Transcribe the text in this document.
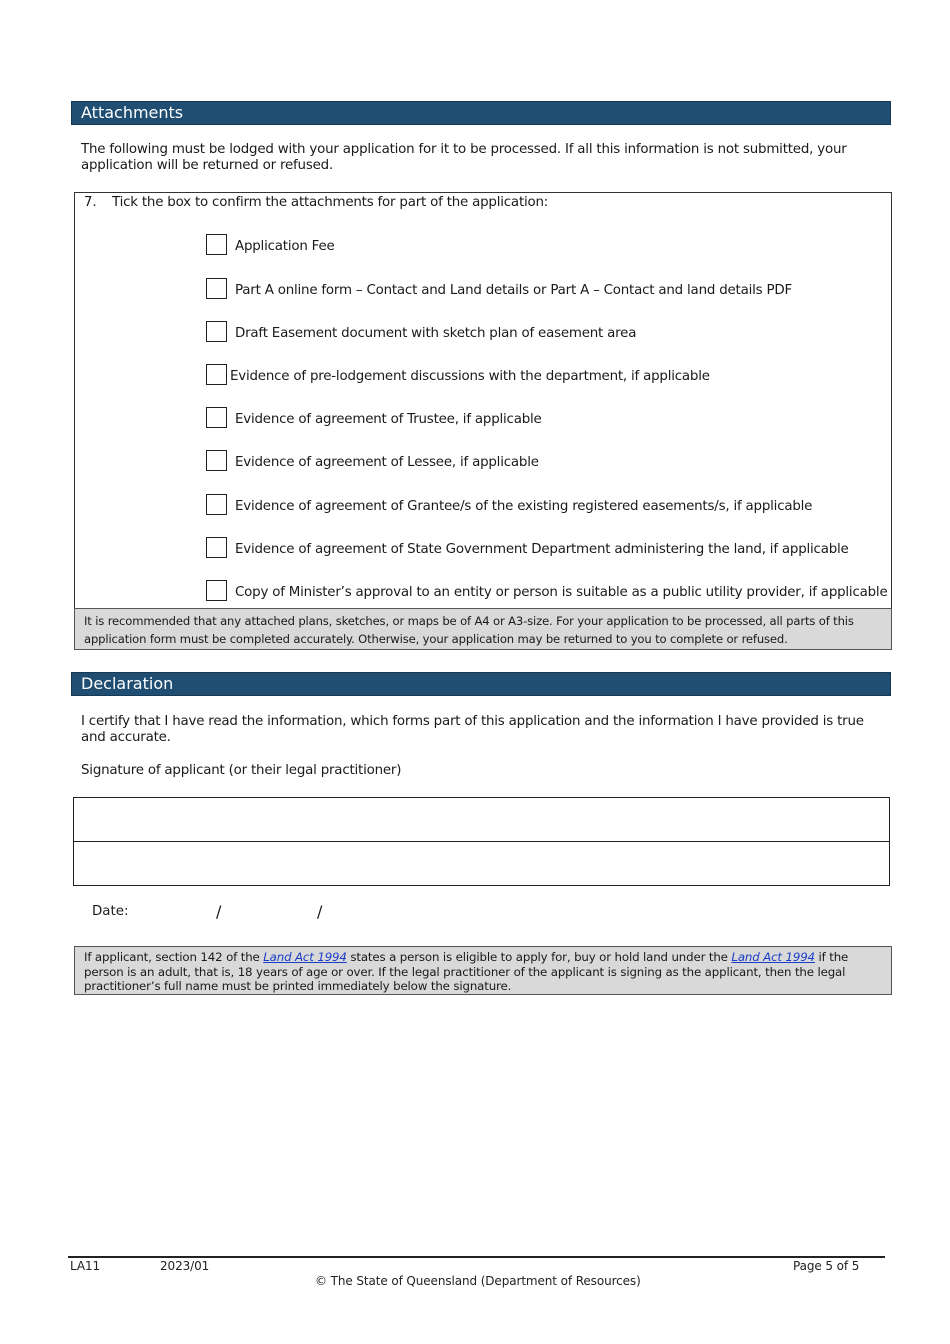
Attachments
The following must be lodged with your application for it to be processed. If all this information is not submitted, your application will be returned or refused.
7. Tick the box to confirm the attachments for part of the application:
Application Fee
Part A online form – Contact and Land details or Part A – Contact and land details PDF
Draft Easement document with sketch plan of easement area
Evidence of pre-lodgement discussions with the department, if applicable
Evidence of agreement of Trustee, if applicable
Evidence of agreement of Lessee, if applicable
Evidence of agreement of Grantee/s of the existing registered easements/s, if applicable
Evidence of agreement of State Government Department administering the land, if applicable
Copy of Minister’s approval to an entity or person is suitable as a public utility provider, if applicable
It is recommended that any attached plans, sketches, or maps be of A4 or A3-size. For your application to be processed, all parts of this application form must be completed accurately. Otherwise, your application may be returned to you to complete or refused.
Declaration
I certify that I have read the information, which forms part of this application and the information I have provided is true and accurate.
Signature of applicant (or their legal practitioner)
Date:	/	/
If applicant, section 142 of the Land Act 1994 states a person is eligible to apply for, buy or hold land under the Land Act 1994 if the person is an adult, that is, 18 years of age or over. If the legal practitioner of the applicant is signing as the applicant, then the legal practitioner’s full name must be printed immediately below the signature.
LA11	2023/01	Page 5 of 5
© The State of Queensland (Department of Resources)
